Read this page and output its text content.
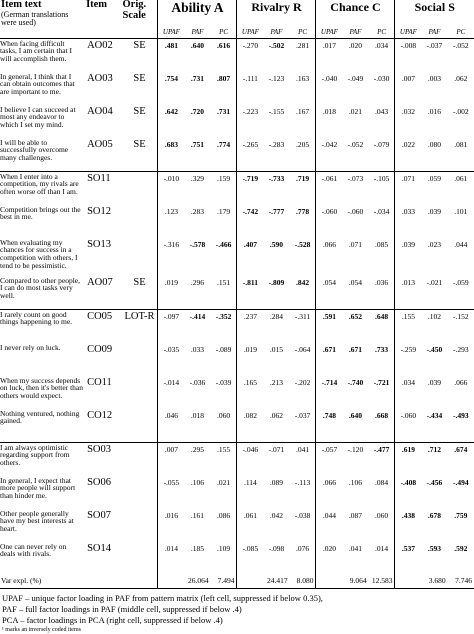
Item text
(German translations were used)	Item	Orig. Scale	Ability A			Rivalry R			Chance C			Social S		
			UPAF	PAF	PC	UPAF	PAF	PC	UPAF	PAF	PC	UPAF	PAF	PC
When facing difficult tasks, I am certain that I will accomplish them.	AO02	SE	.481	.640	.616	-.270	-.502	.281	.017	.020	.034	-.008	-.037	-.052
In general, I think that I can obtain outcomes that are important to me.	AO03	SE	.754	.731	.807	-.111	-.123	.163	-.040	-.049	-.030	.007	.003	.062
I believe I can succeed at most any endeavor to which I set my mind.	AO04	SE	.642	.720	.731	-.223	-.155	.167	.018	.021	.043	.032	.016	-.002
I will be able to successfully overcome many challenges.	AO05	SE	.683	.751	.774	-.265	-.283	.205	-.042	-.052	-.079	.022	.080	.081
When I enter into a competition, my rivals are often worse off than I am.	SO11		-.010	.329	.159	-.719	-.733	.719	-.061	-.073	-.105	.071	.059	.061
Competition brings out the best in me.	SO12		.123	.283	.179	-.742	-.777	.778	-.060	-.060	-.034	.033	.039	.101
When evaluating my chances for success in a competition with others, I tend to be pessimistic.	SO13		-.316	-.578	-.466	.407	.590	-.528	.066	.071	.085	.039	.023	.044
Compared to other people, I can do most tasks very well.	AO07	SE	.019	.296	.151	-.811	-.809	.842	.054	.054	.036	.013	-.021	-.059
I rarely count on good things happening to me.	CO05	LOT-R	-.097	-.414	-.352	.237	.284	-.311	.591	.652	.648	.155	.102	-.152
I never rely on luck.	CO09		-.035	.033	-.089	.019	.015	-.064	.671	.671	.733	-.259	-.450	-.293
When my success depends on luck, then it's better than others would expect.	CO11		-.014	-.036	-.039	.165	.213	-.202	-.714	-.740	-.721	.034	.039	.066
Nothing ventured, nothing gained.	CO12		.046	.018	.060	.082	.062	-.037	.748	.640	.668	-.060	-.434	-.493
I am always optimistic regarding support from others.	SO03		.007	.295	.155	-.046	-.071	.041	-.057	-.120	-.477	.619	.712	.674
In general, I expect that more people will support than hinder me.	SO06		-.055	.106	.021	.114	.089	-.113	.066	.106	.084	-.408	-.456	-.494
Other people generally have my best interests at heart.	SO07		.016	.161	.086	.061	.042	-.038	.044	.087	.060	.438	.678	.759
One can never rely on deals with rivals.	SO14		.014	.185	.109	-.085	-.098	.076	.020	.041	.014	.537	.593	.592
Var expl. (%)				26.064	7.494		24.417	8.080		9.064	12.583		3.680	7.746
UPAF – unique factor loading in PAF from pattern matrix (left cell, suppressed if below 0.35),
PAF – full factor loadings in PAF (middle cell, suppressed if below .4)
PCA – factor loadings in PCA (right cell, suppressed if below .4)
¹ marks an inversely coded items
